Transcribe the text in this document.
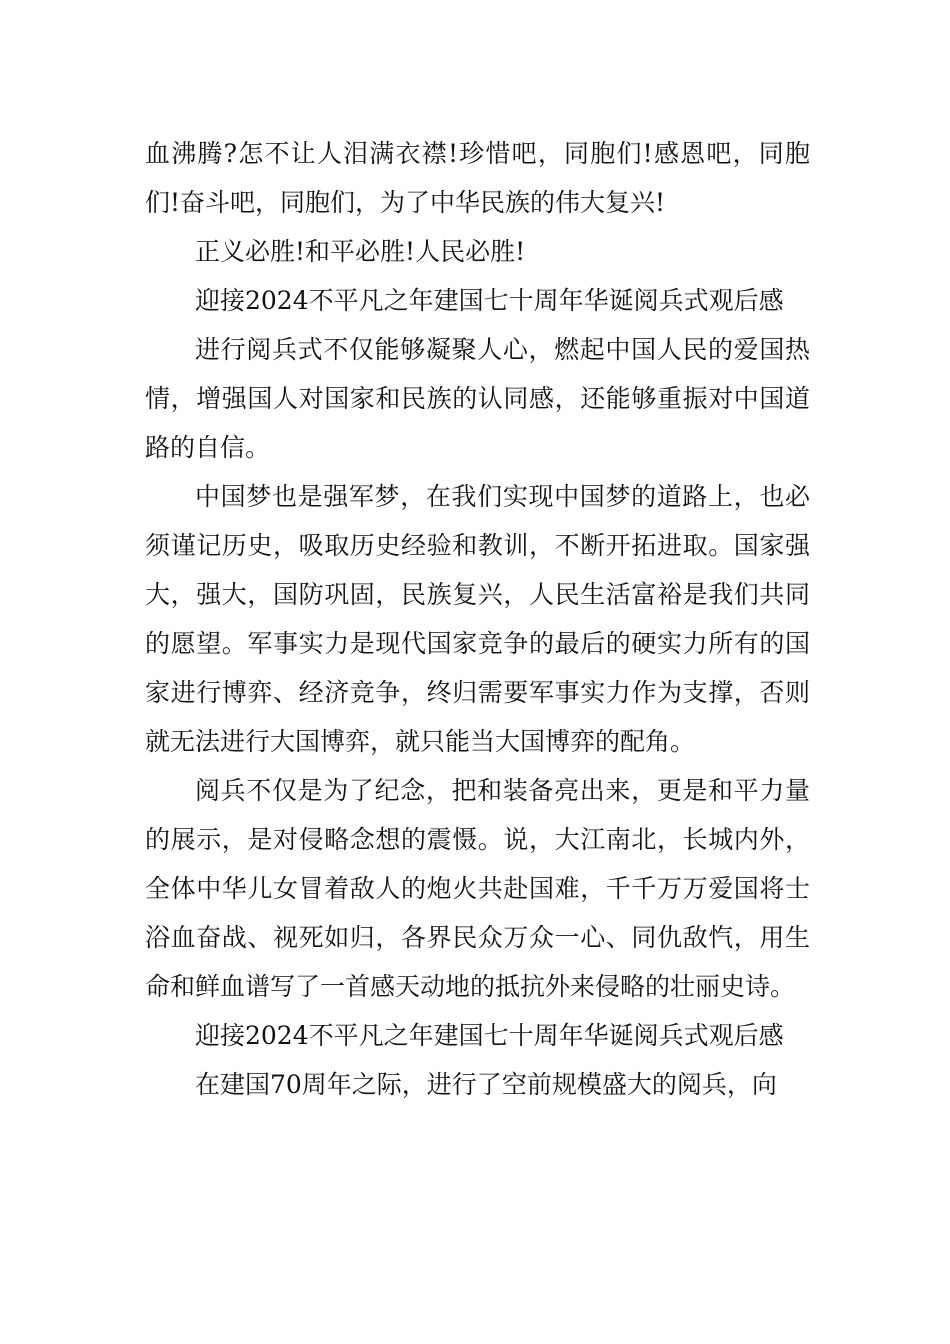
血沸腾?怎不让人泪满衣襟!珍惜吧，同胞们!感恩吧，同胞们!奋斗吧，同胞们，为了中华民族的伟大复兴!

正义必胜!和平必胜!人民必胜!

迎接2024不平凡之年建国七十周年华诞阅兵式观后感

进行阅兵式不仅能够凝聚人心，燃起中国人民的爱国热情，增强国人对国家和民族的认同感，还能够重振对中国道路的自信。

中国梦也是强军梦，在我们实现中国梦的道路上，也必须谨记历史，吸取历史经验和教训，不断开拓进取。国家强大，强大，国防巩固，民族复兴，人民生活富裕是我们共同的愿望。军事实力是现代国家竞争的最后的硬实力所有的国家进行博弈、经济竞争，终归需要军事实力作为支撑，否则就无法进行大国博弈，就只能当大国博弈的配角。

阅兵不仅是为了纪念，把和装备亮出来，更是和平力量的展示，是对侵略念想的震慑。说，大江南北，长城内外，全体中华儿女冒着敌人的炮火共赴国难，千千万万爱国将士浴血奋战、视死如归，各界民众万众一心、同仇敌忾，用生命和鲜血谱写了一首感天动地的抵抗外来侵略的壮丽史诗。

迎接2024不平凡之年建国七十周年华诞阅兵式观后感

在建国70周年之际，进行了空前规模盛大的阅兵，向
